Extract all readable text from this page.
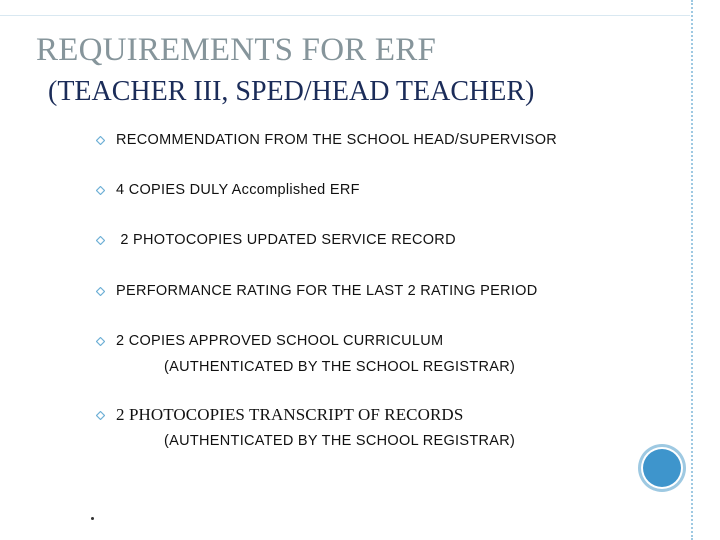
REQUIREMENTS FOR ERF
(TEACHER III, SPED/HEAD TEACHER)
RECOMMENDATION FROM THE SCHOOL HEAD/SUPERVISOR
4 COPIES DULY Accomplished ERF
2 PHOTOCOPIES UPDATED SERVICE RECORD
PERFORMANCE RATING FOR THE LAST 2 RATING PERIOD
2 COPIES APPROVED SCHOOL CURRICULUM
(AUTHENTICATED BY THE SCHOOL REGISTRAR)
2 PHOTOCOPIES TRANSCRIPT OF RECORDS
(AUTHENTICATED BY THE SCHOOL REGISTRAR)
